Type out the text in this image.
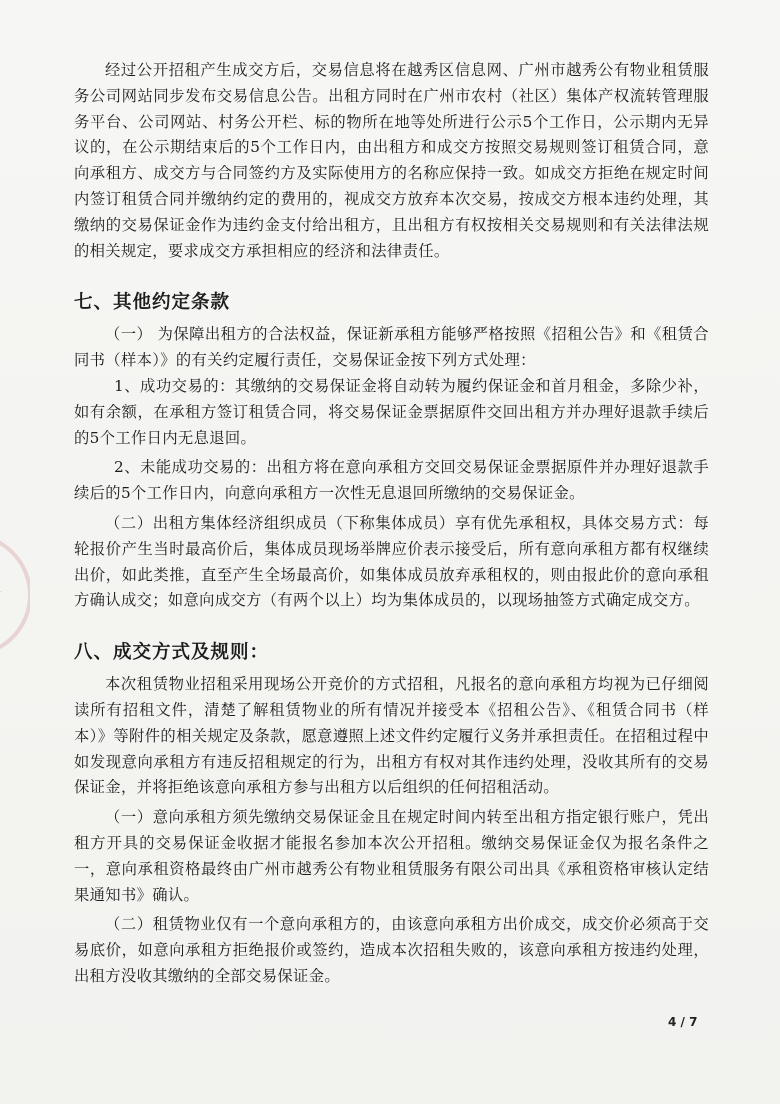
经过公开招租产生成交方后，交易信息将在越秀区信息网、广州市越秀公有物业租赁服务公司网站同步发布交易信息公告。出租方同时在广州市农村（社区）集体产权流转管理服务平台、公司网站、村务公开栏、标的物所在地等处所进行公示5个工作日，公示期内无异议的，在公示期结束后的5个工作日内，由出租方和成交方按照交易规则签订租赁合同，意向承租方、成交方与合同签约方及实际使用方的名称应保持一致。如成交方拒绝在规定时间内签订租赁合同并缴纳约定的费用的，视成交方放弃本次交易，按成交方根本违约处理，其缴纳的交易保证金作为违约金支付给出租方，且出租方有权按相关交易规则和有关法律法规的相关规定，要求成交方承担相应的经济和法律责任。

七、其他约定条款

（一） 为保障出租方的合法权益，保证新承租方能够严格按照《招租公告》和《租赁合同书（样本）》的有关约定履行责任，交易保证金按下列方式处理：

1、成功交易的：其缴纳的交易保证金将自动转为履约保证金和首月租金，多除少补，如有余额，在承租方签订租赁合同，将交易保证金票据原件交回出租方并办理好退款手续后的5个工作日内无息退回。

2、未能成功交易的：出租方将在意向承租方交回交易保证金票据原件并办理好退款手续后的5个工作日内，向意向承租方一次性无息退回所缴纳的交易保证金。

（二）出租方集体经济组织成员（下称集体成员）享有优先承租权，具体交易方式：每轮报价产生当时最高价后，集体成员现场举牌应价表示接受后，所有意向承租方都有权继续出价，如此类推，直至产生全场最高价，如集体成员放弃承租权的，则由报此价的意向承租方确认成交；如意向成交方（有两个以上）均为集体成员的，以现场抽签方式确定成交方。

八、成交方式及规则：

本次租赁物业招租采用现场公开竞价的方式招租，凡报名的意向承租方均视为已仔细阅读所有招租文件，清楚了解租赁物业的所有情况并接受本《招租公告》、《租赁合同书（样本）》等附件的相关规定及条款，愿意遵照上述文件约定履行义务并承担责任。在招租过程中如发现意向承租方有违反招租规定的行为，出租方有权对其作违约处理，没收其所有的交易保证金，并将拒绝该意向承租方参与出租方以后组织的任何招租活动。

（一）意向承租方须先缴纳交易保证金且在规定时间内转至出租方指定银行账户，凭出租方开具的交易保证金收据才能报名参加本次公开招租。缴纳交易保证金仅为报名条件之一，意向承租资格最终由广州市越秀公有物业租赁服务有限公司出具《承租资格审核认定结果通知书》确认。

（二）租赁物业仅有一个意向承租方的，由该意向承租方出价成交，成交价必须高于交易底价，如意向承租方拒绝报价或签约，造成本次招租失败的，该意向承租方按违约处理，出租方没收其缴纳的全部交易保证金。

4 / 7
